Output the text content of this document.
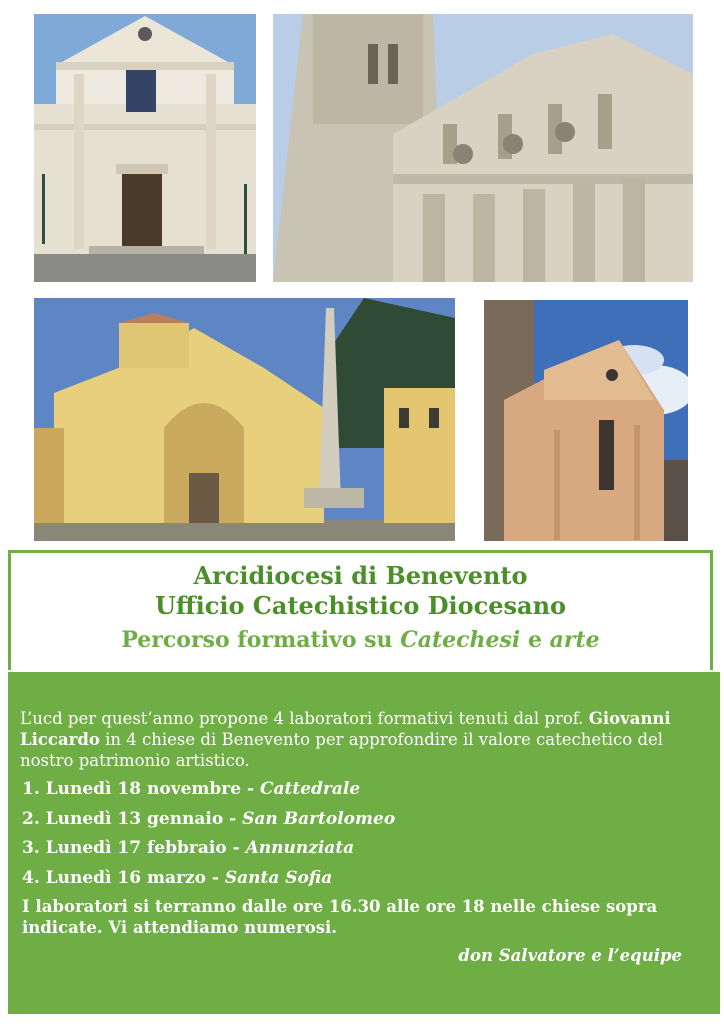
Arcidiocesi di Benevento
Ufficio Catechistico Diocesano
Percorso formativo su Catechesi e arte
L’ucd per quest’anno propone 4 laboratori formativi tenuti dal prof. Giovanni Liccardo in 4 chiese di Benevento per approfondire il valore catechetico del nostro patrimonio artistico.
1. Lunedì 18 novembre - Cattedrale
2. Lunedì 13 gennaio - San Bartolomeo
3. Lunedì 17 febbraio - Annunziata
4. Lunedì 16 marzo - Santa Sofia
I laboratori si terranno dalle ore 16.30 alle ore 18 nelle chiese sopra indicate. Vi attendiamo numerosi.
don Salvatore e l’equipe
